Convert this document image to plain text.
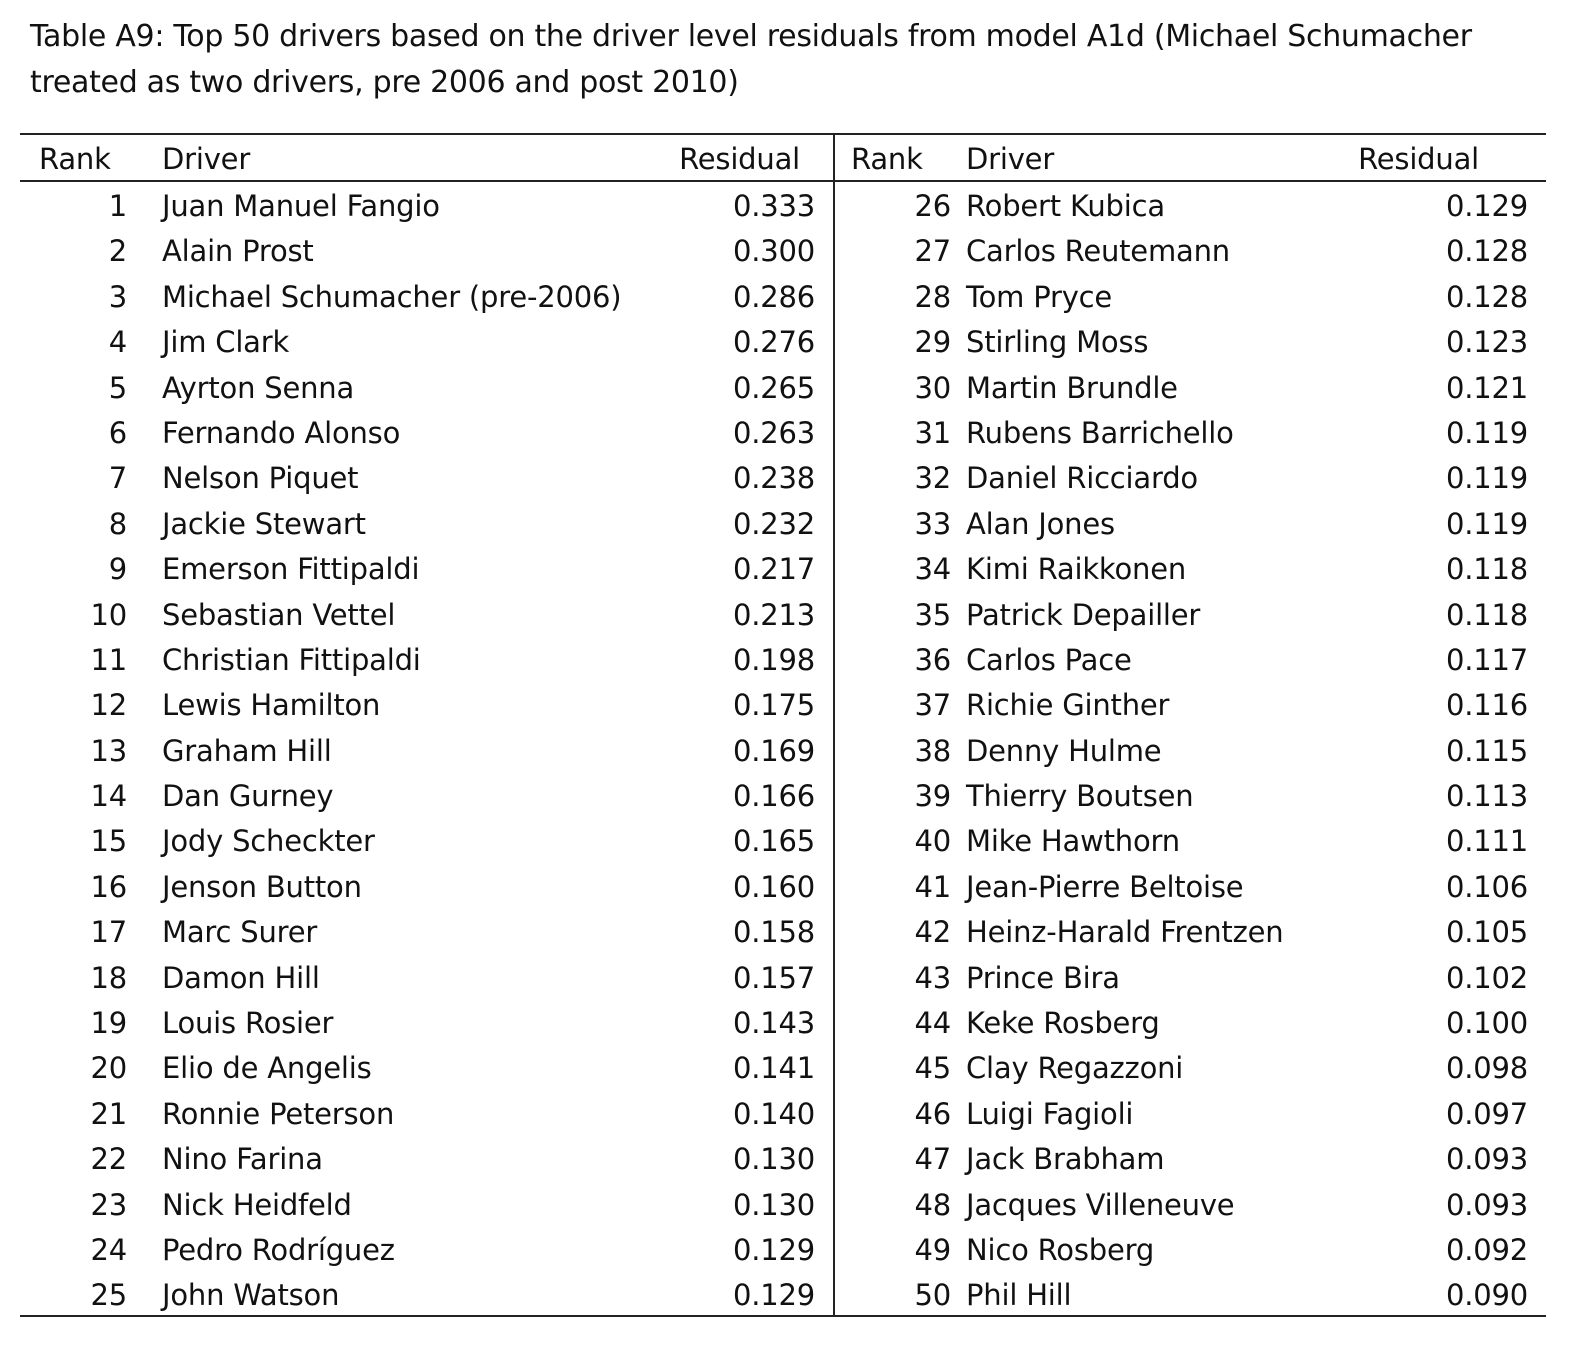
Table A9: Top 50 drivers based on the driver level residuals from model A1d (Michael Schumacher treated as two drivers, pre 2006 and post 2010)
Rank Driver	Residual
1 Juan Manuel Fangio	0.333
2 Alain Prost	0.300
3 Michael Schumacher (pre-2006)	0.286
4 Jim Clark	0.276
5 Ayrton Senna	0.265
6 Fernando Alonso	0.263
7 Nelson Piquet	0.238
8 Jackie Stewart	0.232
9 Emerson Fittipaldi	0.217
10 Sebastian Vettel	0.213
11 Christian Fittipaldi	0.198
12 Lewis Hamilton	0.175
13 Graham Hill	0.169
14 Dan Gurney	0.166
15 Jody Scheckter	0.165
16 Jenson Button	0.160
17 Marc Surer	0.158
18 Damon Hill	0.157
19 Louis Rosier	0.143
20 Elio de Angelis	0.141
21 Ronnie Peterson	0.140
22 Nino Farina	0.130
23 Nick Heidfeld	0.130
24 Pedro Rodríguez	0.129
25 John Watson	0.129
Rank Driver	Residual
26 Robert Kubica	0.129
27 Carlos Reutemann	0.128
28 Tom Pryce	0.128
29 Stirling Moss	0.123
30 Martin Brundle	0.121
31 Rubens Barrichello	0.119
32 Daniel Ricciardo	0.119
33 Alan Jones	0.119
34 Kimi Raikkonen	0.118
35 Patrick Depailler	0.118
36 Carlos Pace	0.117
37 Richie Ginther	0.116
38 Denny Hulme	0.115
39 Thierry Boutsen	0.113
40 Mike Hawthorn	0.111
41 Jean-Pierre Beltoise	0.106
42 Heinz-Harald Frentzen	0.105
43 Prince Bira	0.102
44 Keke Rosberg	0.100
45 Clay Regazzoni	0.098
46 Luigi Fagioli	0.097
47 Jack Brabham	0.093
48 Jacques Villeneuve	0.093
49 Nico Rosberg	0.092
50 Phil Hill	0.090
